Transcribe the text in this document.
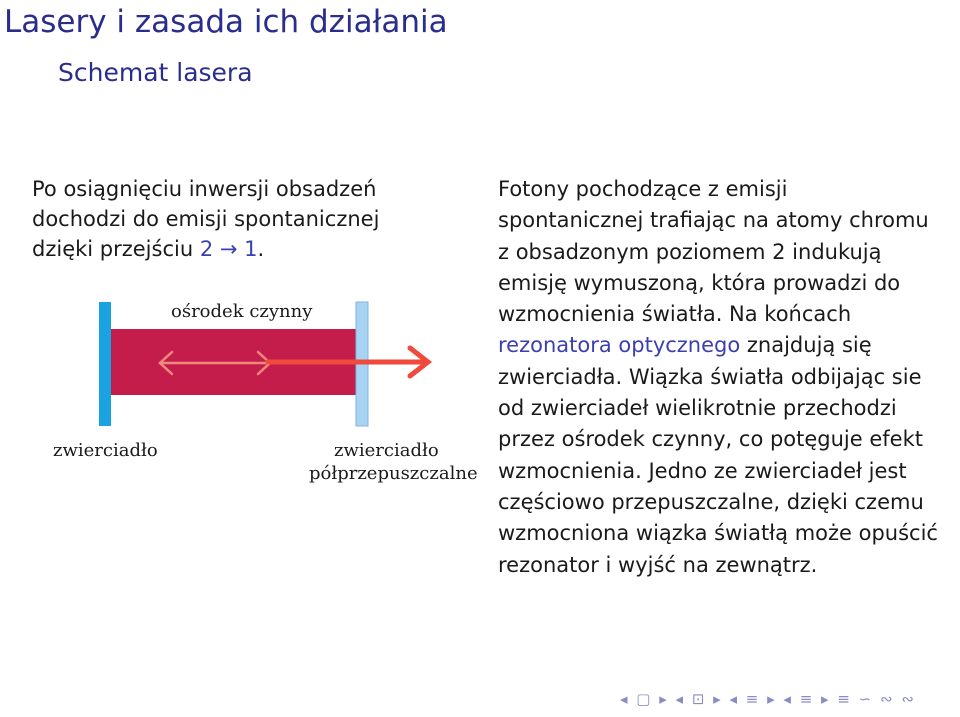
Lasery i zasada ich działania
Schemat lasera
Po osiągnięciu inwersji obsadzeń dochodzi do emisji spontanicznej dzięki przejściu 2 → 1.
ośrodek czynny
zwierciadło	zwierciadło
półprzepuszczalne
Fotony pochodzące z emisji spontanicznej trafiając na atomy chromu z obsadzonym poziomem 2 indukują emisję wymuszoną, która prowadzi do wzmocnienia światła. Na końcach rezonatora optycznego znajdują się zwierciadła. Wiązka światła odbijając sie od zwierciadeł wielikrotnie przechodzi przez ośrodek czynny, co potęguje efekt wzmocnienia. Jedno ze zwierciadeł jest częściowo przepuszczalne, dzięki czemu wzmocniona wiązka światłą może opuścić rezonator i wyjść na zewnątrz.
◂ ▢ ▸ ◂ ⊡ ▸ ◂ ≡ ▸ ◂ ≡ ▸ ≡ ∽ ∾ ∾
